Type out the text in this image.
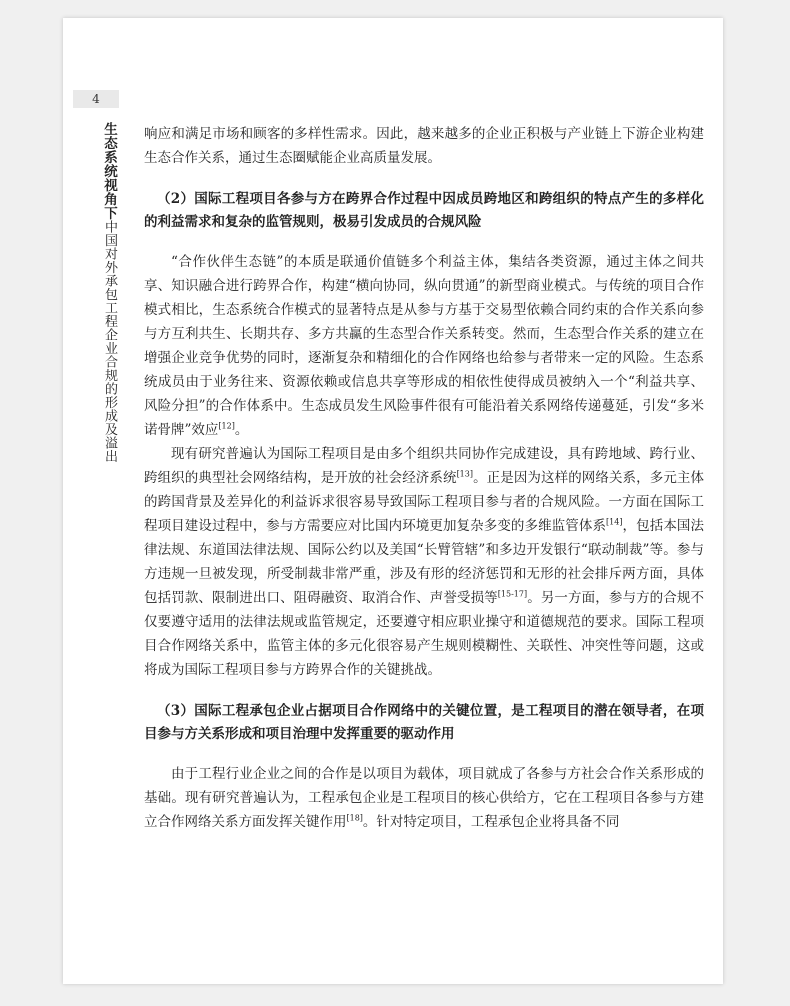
4
生态系统视角下
中国对外承包工程企业合规的形成及溢出

响应和满足市场和顾客的多样性需求。因此，越来越多的企业正积极与产业链上下游企业构建生态合作关系，通过生态圈赋能企业高质量发展。

（2）国际工程项目各参与方在跨界合作过程中因成员跨地区和跨组织的特点产生的多样化的利益需求和复杂的监管规则，极易引发成员的合规风险

“合作伙伴生态链”的本质是联通价值链多个利益主体，集结各类资源，通过主体之间共享、知识融合进行跨界合作，构建“横向协同，纵向贯通”的新型商业模式。与传统的项目合作模式相比，生态系统合作模式的显著特点是从参与方基于交易型依赖合同约束的合作关系向参与方互利共生、长期共存、多方共赢的生态型合作关系转变。然而，生态型合作关系的建立在增强企业竞争优势的同时，逐渐复杂和精细化的合作网络也给参与者带来一定的风险。生态系统成员由于业务往来、资源依赖或信息共享等形成的相依性使得成员被纳入一个“利益共享、风险分担”的合作体系中。生态成员发生风险事件很有可能沿着关系网络传递蔓延，引发“多米诺骨牌”效应[12]。

现有研究普遍认为国际工程项目是由多个组织共同协作完成建设，具有跨地域、跨行业、跨组织的典型社会网络结构，是开放的社会经济系统[13]。正是因为这样的网络关系，多元主体的跨国背景及差异化的利益诉求很容易导致国际工程项目参与者的合规风险。一方面在国际工程项目建设过程中，参与方需要应对比国内环境更加复杂多变的多维监管体系[14]，包括本国法律法规、东道国法律法规、国际公约以及美国“长臂管辖”和多边开发银行“联动制裁”等。参与方违规一旦被发现，所受制裁非常严重，涉及有形的经济惩罚和无形的社会排斥两方面，具体包括罚款、限制进出口、阻碍融资、取消合作、声誉受损等[15-17]。另一方面，参与方的合规不仅要遵守适用的法律法规或监管规定，还要遵守相应职业操守和道德规范的要求。国际工程项目合作网络关系中，监管主体的多元化很容易产生规则模糊性、关联性、冲突性等问题，这或将成为国际工程项目参与方跨界合作的关键挑战。

（3）国际工程承包企业占据项目合作网络中的关键位置，是工程项目的潜在领导者，在项目参与方关系形成和项目治理中发挥重要的驱动作用

由于工程行业企业之间的合作是以项目为载体，项目就成了各参与方社会合作关系形成的基础。现有研究普遍认为，工程承包企业是工程项目的核心供给方，它在工程项目各参与方建立合作网络关系方面发挥关键作用[18]。针对特定项目，工程承包企业将具备不同
